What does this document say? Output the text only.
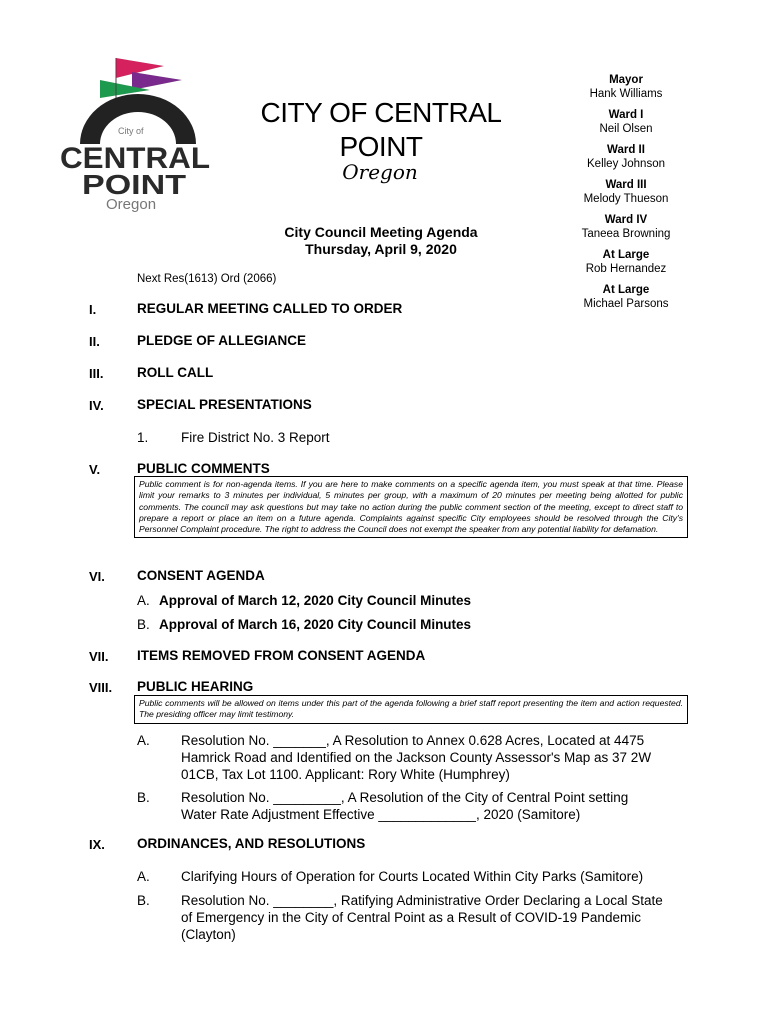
City of
CENTRAL
POINT
Oregon
CITY OF CENTRAL
POINT
Oregon
City Council Meeting Agenda
Thursday, April 9, 2020
Mayor
Hank Williams
Ward I
Neil Olsen
Ward II
Kelley Johnson
Ward III
Melody Thueson
Ward IV
Taneea Browning
At Large
Rob Hernandez
At Large
Michael Parsons
Next Res(1613) Ord (2066)
I.	REGULAR MEETING CALLED TO ORDER
II.	PLEDGE OF ALLEGIANCE
III. ROLL CALL
IV. SPECIAL PRESENTATIONS
1. Fire District No. 3 Report
V.	PUBLIC COMMENTS
Public comment is for non-agenda items. If you are here to make comments on a specific agenda item, you must speak at that time. Please limit your remarks to 3 minutes per individual, 5 minutes per group, with a maximum of 20 minutes per meeting being allotted for public comments. The council may ask questions but may take no action during the public comment section of the meeting, except to direct staff to prepare a report or place an item on a future agenda. Complaints against specific City employees should be resolved through the City's Personnel Complaint procedure. The right to address the Council does not exempt the speaker from any potential liability for defamation.
VI. CONSENT AGENDA
A. Approval of March 12, 2020 City Council Minutes
B. Approval of March 16, 2020 City Council Minutes
VII. ITEMS REMOVED FROM CONSENT AGENDA
VIII. PUBLIC HEARING
Public comments will be allowed on items under this part of the agenda following a brief staff report presenting the item and action requested. The presiding officer may limit testimony.
A. Resolution No. _______, A Resolution to Annex 0.628 Acres, Located at 4475
Hamrick Road and Identified on the Jackson County Assessor's Map as 37 2W
01CB, Tax Lot 1100. Applicant: Rory White (Humphrey)
B. Resolution No. _________, A Resolution of the City of Central Point setting
Water Rate Adjustment Effective _____________, 2020 (Samitore)
IX. ORDINANCES, AND RESOLUTIONS
A. Clarifying Hours of Operation for Courts Located Within City Parks (Samitore)
B. Resolution No. ________, Ratifying Administrative Order Declaring a Local State
of Emergency in the City of Central Point as a Result of COVID-19 Pandemic
(Clayton)
